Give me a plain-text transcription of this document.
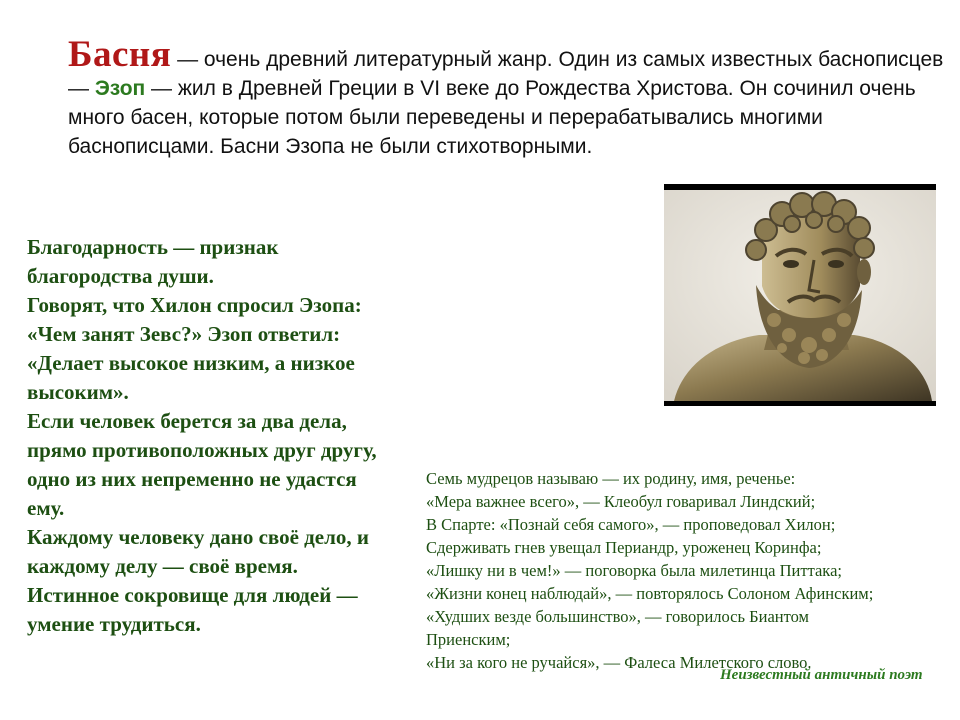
Басня — очень древний литературный жанр. Один из самых известных баснописцев — Эзоп — жил в Древней Греции в VI веке до Рождества Христова. Он сочинил очень много басен, которые потом были переведены и перерабатывались многими баснописцами. Басни Эзопа не были стихотворными.

Благодарность — признак
благородства души.
Говорят, что Хилон спросил Эзопа:
«Чем занят Зевс?» Эзоп ответил:
«Делает высокое низким, а низкое
высоким».
Если человек берется за два дела,
прямо противоположных друг другу,
одно из них непременно не удастся
ему.
Каждому человеку дано своё дело, и
каждому делу — своё время.
Истинное сокровище для людей —
умение трудиться.
Семь мудрецов называю — их родину, имя, реченье:
«Мера важнее всего», — Клеобул говаривал Линдский;
В Спарте: «Познай себя самого», — проповедовал Хилон;
Сдерживать гнев увещал Периандр, уроженец Коринфа;
«Лишку ни в чем!» — поговорка была милетинца Питтака;
«Жизни конец наблюдай», — повторялось Солоном Афинским;
«Худших везде большинство», — говорилось Биантом
Приенским;
«Ни за кого не ручайся», — Фалеса Милетского слово.
Неизвестный античный поэт
